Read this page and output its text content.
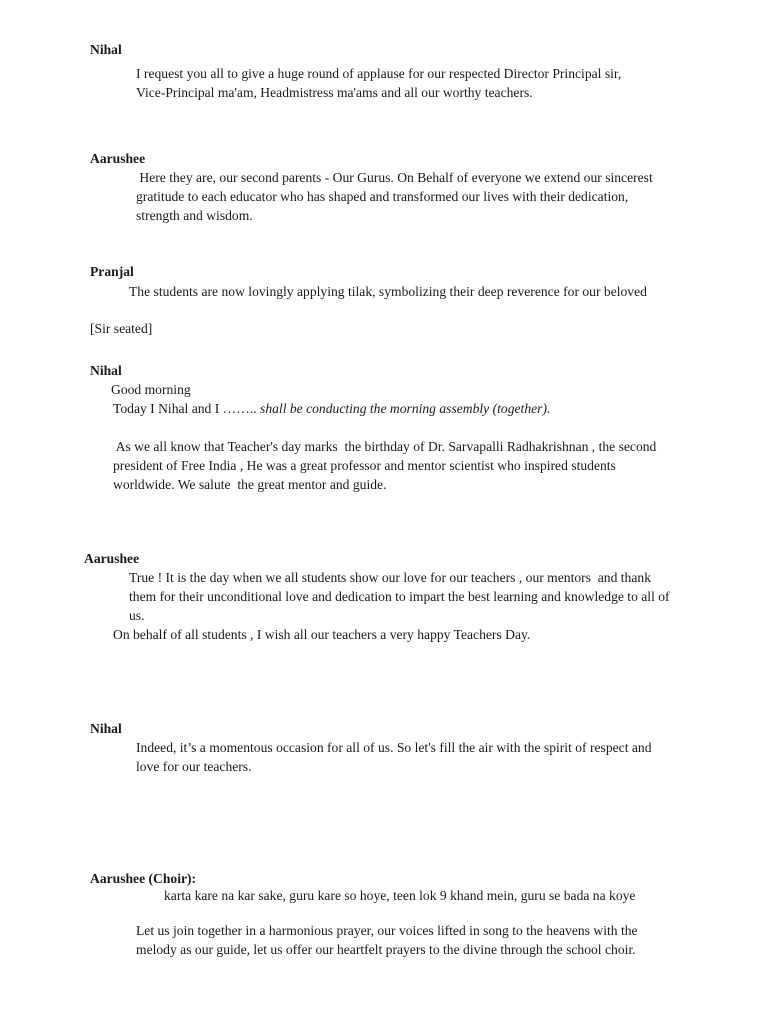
Nihal
I request you all to give a huge round of applause for our respected Director Principal sir,
Vice-Principal ma'am, Headmistress ma'ams and all our worthy teachers.
Aarushee
Here they are, our second parents - Our Gurus. On Behalf of everyone we extend our sincerest
gratitude to each educator who has shaped and transformed our lives with their dedication,
strength and wisdom.
Pranjal
The students are now lovingly applying tilak, symbolizing their deep reverence for our beloved
[Sir seated]
Nihal
Good morning
Today I Nihal and I …….. shall be conducting the morning assembly (together).
As we all know that Teacher's day marks  the birthday of Dr. Sarvapalli Radhakrishnan , the second
president of Free India , He was a great professor and mentor scientist who inspired students
worldwide. We salute  the great mentor and guide.
Aarushee
True ! It is the day when we all students show our love for our teachers , our mentors  and thank
them for their unconditional love and dedication to impart the best learning and knowledge to all of
us.
On behalf of all students , I wish all our teachers a very happy Teachers Day.
Nihal
Indeed, it’s a momentous occasion for all of us. So let's fill the air with the spirit of respect and
love for our teachers.
Aarushee (Choir):
karta kare na kar sake, guru kare so hoye, teen lok 9 khand mein, guru se bada na koye
Let us join together in a harmonious prayer, our voices lifted in song to the heavens with the
melody as our guide, let us offer our heartfelt prayers to the divine through the school choir.
